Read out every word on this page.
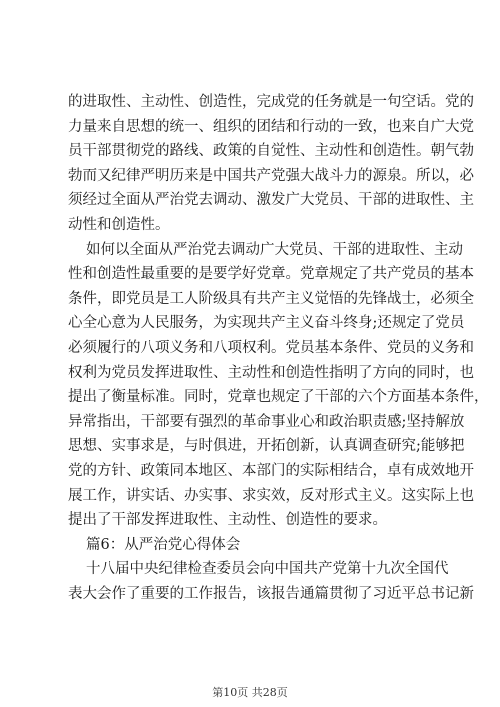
的进取性、主动性、创造性，完成党的任务就是一句空话。党的
力量来自思想的统一、组织的团结和行动的一致，也来自广大党
员干部贯彻党的路线、政策的自觉性、主动性和创造性。朝气勃
勃而又纪律严明历来是中国共产党强大战斗力的源泉。所以，必
须经过全面从严治党去调动、激发广大党员、干部的进取性、主
动性和创造性。
如何以全面从严治党去调动广大党员、干部的进取性、主动
性和创造性最重要的是要学好党章。党章规定了共产党员的基本
条件，即党员是工人阶级具有共产主义觉悟的先锋战士，必须全
心全心意为人民服务，为实现共产主义奋斗终身;还规定了党员
必须履行的八项义务和八项权利。党员基本条件、党员的义务和
权利为党员发挥进取性、主动性和创造性指明了方向的同时，也
提出了衡量标准。同时，党章也规定了干部的六个方面基本条件，
异常指出，干部要有强烈的革命事业心和政治职责感;坚持解放
思想、实事求是，与时俱进，开拓创新，认真调查研究;能够把
党的方针、政策同本地区、本部门的实际相结合，卓有成效地开
展工作，讲实话、办实事、求实效，反对形式主义。这实际上也
提出了干部发挥进取性、主动性、创造性的要求。
篇6：从严治党心得体会
十八届中央纪律检查委员会向中国共产党第十九次全国代
表大会作了重要的工作报告，该报告通篇贯彻了习近平总书记新
第10页 共28页
